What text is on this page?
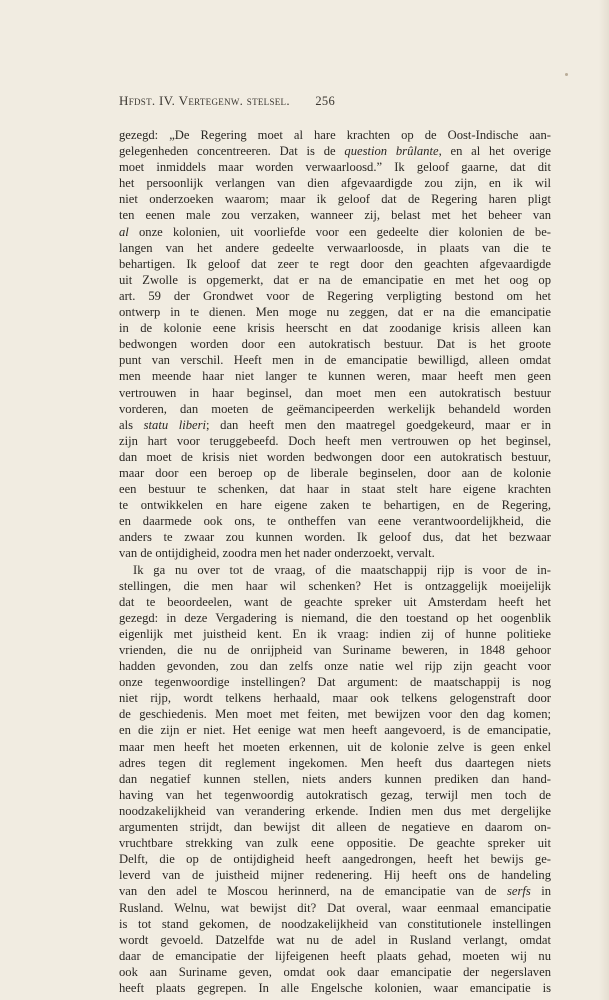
Hfdst. IV. Vertegenw. stelsel. 256
gezegd: „De Regering moet al hare krachten op de Oost-Indische aan-
gelegenheden concentreeren. Dat is de question brûlante, en al het overige
moet inmiddels maar worden verwaarloosd.” Ik geloof gaarne, dat dit
het persoonlijk verlangen van dien afgevaardigde zou zijn, en ik wil
niet onderzoeken waarom; maar ik geloof dat de Regering haren pligt
ten eenen male zou verzaken, wanneer zij, belast met het beheer van
al onze kolonien, uit voorliefde voor een gedeelte dier kolonien de be-
langen van het andere gedeelte verwaarloosde, in plaats van die te
behartigen. Ik geloof dat zeer te regt door den geachten afgevaardigde
uit Zwolle is opgemerkt, dat er na de emancipatie en met het oog op
art. 59 der Grondwet voor de Regering verpligting bestond om het
ontwerp in te dienen. Men moge nu zeggen, dat er na die emancipatie
in de kolonie eene krisis heerscht en dat zoodanige krisis alleen kan
bedwongen worden door een autokratisch bestuur. Dat is het groote
punt van verschil. Heeft men in de emancipatie bewilligd, alleen omdat
men meende haar niet langer te kunnen weren, maar heeft men geen
vertrouwen in haar beginsel, dan moet men een autokratisch bestuur
vorderen, dan moeten de geëmancipeerden werkelijk behandeld worden
als statu liberi; dan heeft men den maatregel goedgekeurd, maar er in
zijn hart voor teruggebeefd. Doch heeft men vertrouwen op het beginsel,
dan moet de krisis niet worden bedwongen door een autokratisch bestuur,
maar door een beroep op de liberale beginselen, door aan de kolonie
een bestuur te schenken, dat haar in staat stelt hare eigene krachten
te ontwikkelen en hare eigene zaken te behartigen, en de Regering,
en daarmede ook ons, te ontheffen van eene verantwoordelijkheid, die
anders te zwaar zou kunnen worden. Ik geloof dus, dat het bezwaar
van de ontijdigheid, zoodra men het nader onderzoekt, vervalt.
Ik ga nu over tot de vraag, of die maatschappij rijp is voor de in-
stellingen, die men haar wil schenken? Het is ontzaggelijk moeijelijk
dat te beoordeelen, want de geachte spreker uit Amsterdam heeft het
gezegd: in deze Vergadering is niemand, die den toestand op het oogenblik
eigenlijk met juistheid kent. En ik vraag: indien zij of hunne politieke
vrienden, die nu de onrijpheid van Suriname beweren, in 1848 gehoor
hadden gevonden, zou dan zelfs onze natie wel rijp zijn geacht voor
onze tegenwoordige instellingen? Dat argument: de maatschappij is nog
niet rijp, wordt telkens herhaald, maar ook telkens gelogenstraft door
de geschiedenis. Men moet met feiten, met bewijzen voor den dag komen;
en die zijn er niet. Het eenige wat men heeft aangevoerd, is de emancipatie,
maar men heeft het moeten erkennen, uit de kolonie zelve is geen enkel
adres tegen dit reglement ingekomen. Men heeft dus daartegen niets
dan negatief kunnen stellen, niets anders kunnen prediken dan hand-
having van het tegenwoordig autokratisch gezag, terwijl men toch de
noodzakelijkheid van verandering erkende. Indien men dus met dergelijke
argumenten strijdt, dan bewijst dit alleen de negatieve en daarom on-
vruchtbare strekking van zulk eene oppositie. De geachte spreker uit
Delft, die op de ontijdigheid heeft aangedrongen, heeft het bewijs ge-
leverd van de juistheid mijner redenering. Hij heeft ons de handeling
van den adel te Moscou herinnerd, na de emancipatie van de serfs in
Rusland. Welnu, wat bewijst dit? Dat overal, waar eenmaal emancipatie
is tot stand gekomen, de noodzakelijkheid van constitutionele instellingen
wordt gevoeld. Datzelfde wat nu de adel in Rusland verlangt, omdat
daar de emancipatie der lijfeigenen heeft plaats gehad, moeten wij nu
ook aan Suriname geven, omdat ook daar emancipatie der negerslaven
heeft plaats gegrepen. In alle Engelsche kolonien, waar emancipatie is
